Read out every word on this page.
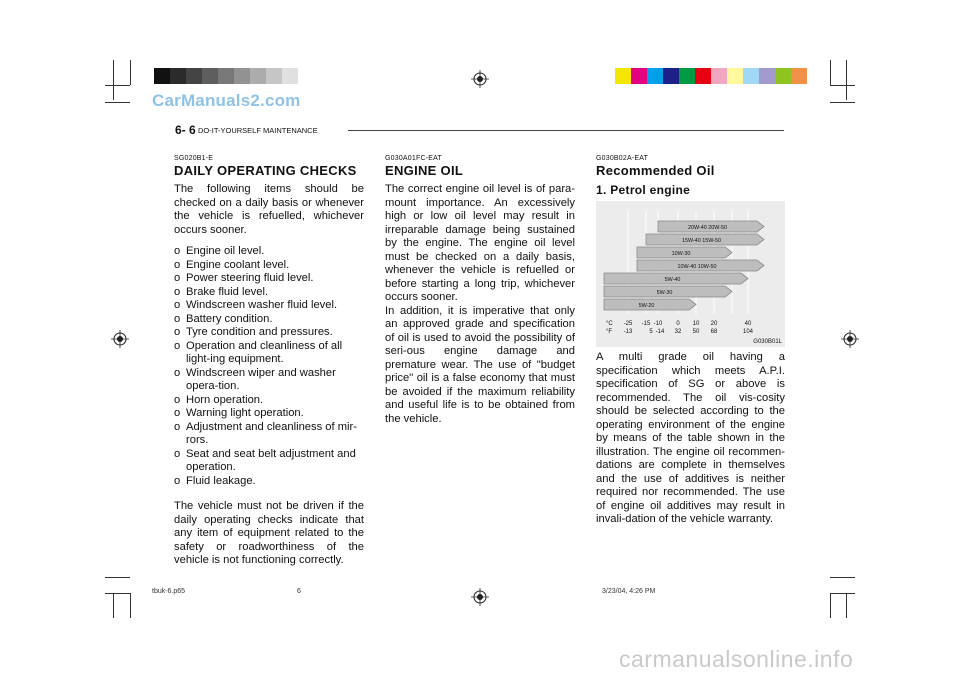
CarManuals2.com
carmanualsonline.info
6- 6 DO-IT-YOURSELF MAINTENANCE
SG020B1-E
DAILY OPERATING CHECKS
The following items should be checked on a daily basis or whenever the vehicle is refuelled, whichever occurs sooner.
o Engine oil level.
o Engine coolant level.
o Power steering fluid level.
o Brake fluid level.
o Windscreen washer fluid level.
o Battery condition.
o Tyre condition and pressures.
o Operation and cleanliness of all light-ing equipment.
o Windscreen wiper and washer opera-tion.
o Horn operation.
o Warning light operation.
o Adjustment and cleanliness of mir-rors.
o Seat and seat belt adjustment and operation.
o Fluid leakage.
The vehicle must not be driven if the daily operating checks indicate that any item of equipment related to the safety or roadworthiness of the vehicle is not functioning correctly.
G030A01FC-EAT
ENGINE OIL
The correct engine oil level is of para-mount importance. An excessively high or low oil level may result in irreparable damage being sustained by the engine. The engine oil level must be checked on a daily basis, whenever the vehicle is refuelled or before starting a long trip, whichever occurs sooner.
In addition, it is imperative that only an approved grade and specification of oil is used to avoid the possibility of seri-ous engine damage and premature wear. The use of "budget price" oil is a false economy that must be avoided if the maximum reliability and useful life is to be obtained from the vehicle.
G030B02A-EAT
Recommended Oil
1. Petrol engine
20W-40 20W-50
15W-40 15W-50
10W-30
10W-40 10W-50
5W-40
5W-30
5W-20
°C
°F
-25 -15 -10 0 10 20	40
-13	5 -14 32 50 68	104
G030B01L
A multi grade oil having a specification which meets A.P.I. specification of SG or above is recommended. The oil vis-cosity should be selected according to the operating environment of the engine by means of the table shown in the illustration. The engine oil recommen-dations are complete in themselves and the use of additives is neither required nor recommended. The use of engine oil additives may result in invali-dation of the vehicle warranty.
tbuk-6.p65	6	3/23/04, 4:26 PM
